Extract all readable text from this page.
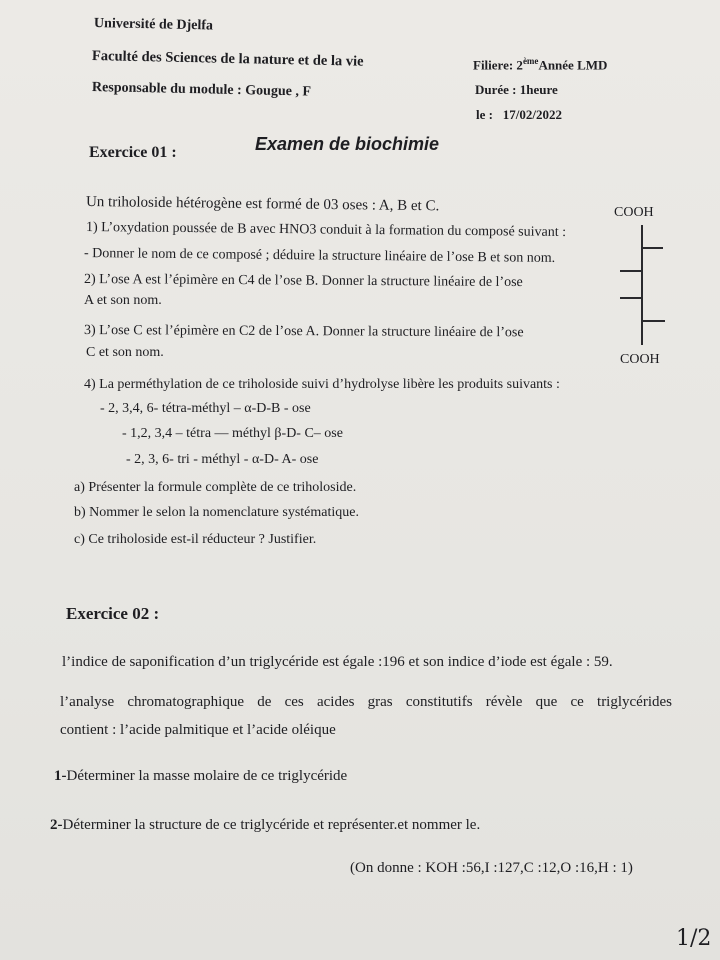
Université de Djelfa
Faculté des Sciences de la nature et de la vie
Responsable du module : Gougue , F
Filiere: 2èmeAnnée LMD
Durée : 1heure
le : 17/02/2022
Examen de biochimie
Exercice 01 :
Un triholoside hétérogène est formé de 03 oses : A, B et C.
1) L’oxydation poussée de B avec HNO3 conduit à la formation du composé suivant :
- Donner le nom de ce composé ; déduire la structure linéaire de l’ose B et son nom.
2) L’ose A est l’épimère en C4 de l’ose B. Donner la structure linéaire de l’ose
A et son nom.
3) L’ose C est l’épimère en C2 de l’ose A. Donner la structure linéaire de l’ose
C et son nom.
4) La perméthylation de ce triholoside suivi d’hydrolyse libère les produits suivants :
- 2, 3,4, 6- tétra-méthyl – α-D-B - ose
- 1,2, 3,4 – tétra — méthyl β-D- C– ose
- 2, 3, 6- tri - méthyl - α-D- A- ose
a) Présenter la formule complète de ce triholoside.
b) Nommer le selon la nomenclature systématique.
c) Ce triholoside est-il réducteur ? Justifier.
COOH
COOH
Exercice 02 :
l’indice de saponification d’un triglycéride est égale :196 et son indice d’iode est égale : 59.
l’analyse chromatographique de ces acides gras constitutifs révèle que ce triglycérides
contient : l’acide palmitique et l’acide oléique
1-Déterminer la masse molaire de ce triglycéride
2-Déterminer la structure de ce triglycéride et représenter.et nommer le.
(On donne : KOH :56,I :127,C :12,O :16,H : 1)
1/2
